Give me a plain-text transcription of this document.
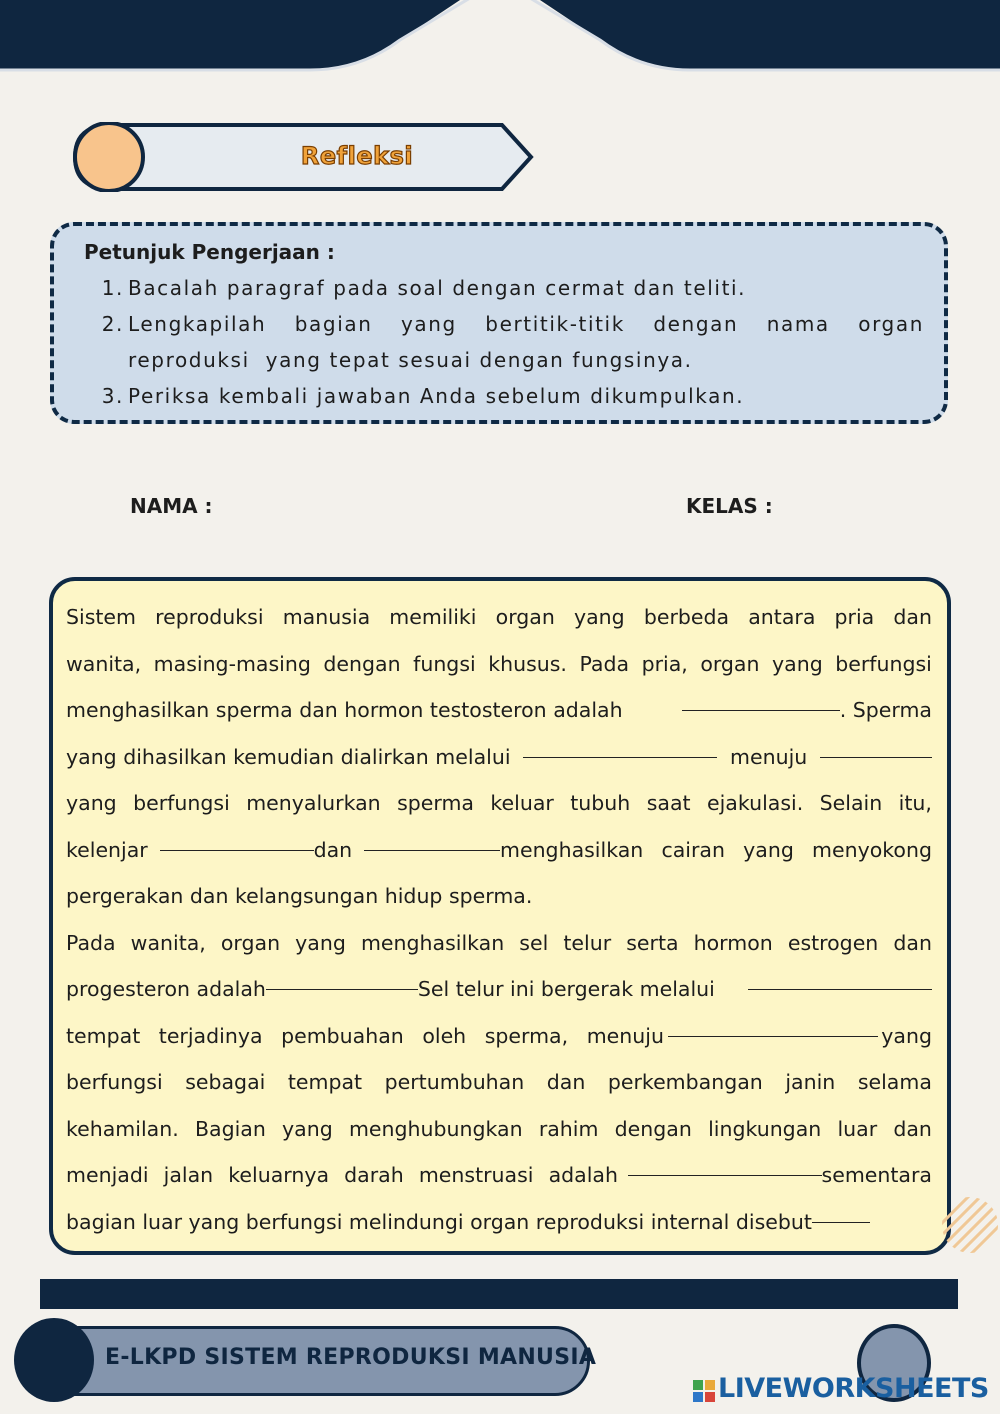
Refleksi
Petunjuk Pengerjaan :
1. Bacalah paragraf pada soal dengan cermat dan teliti.
2. Lengkapilah bagian yang bertitik-titik dengan nama organ
reproduksi  yang tepat sesuai dengan fungsinya.
3. Periksa kembali jawaban Anda sebelum dikumpulkan.
NAMA :	KELAS :
Sistem reproduksi manusia memiliki organ yang berbeda antara pria dan
wanita, masing-masing dengan fungsi khusus. Pada pria, organ yang berfungsi
menghasilkan sperma dan hormon testosteron adalah	. Sperma
yang dihasilkan kemudian dialirkan melalui	menuju
yang berfungsi menyalurkan sperma keluar tubuh saat ejakulasi. Selain itu,
kelenjar	dan	menghasilkan cairan yang menyokong
pergerakan dan kelangsungan hidup sperma.
Pada wanita, organ yang menghasilkan sel telur serta hormon estrogen dan
progesteron adalah	Sel telur ini bergerak melalui
tempat terjadinya pembuahan oleh sperma, menuju	yang
berfungsi sebagai tempat pertumbuhan dan perkembangan janin selama
kehamilan. Bagian yang menghubungkan rahim dengan lingkungan luar dan
menjadi jalan keluarnya darah menstruasi adalah	sementara
bagian luar yang berfungsi melindungi organ reproduksi internal disebut
E-LKPD SISTEM REPRODUKSI MANUSIA
LIVEWORKSHEETS
